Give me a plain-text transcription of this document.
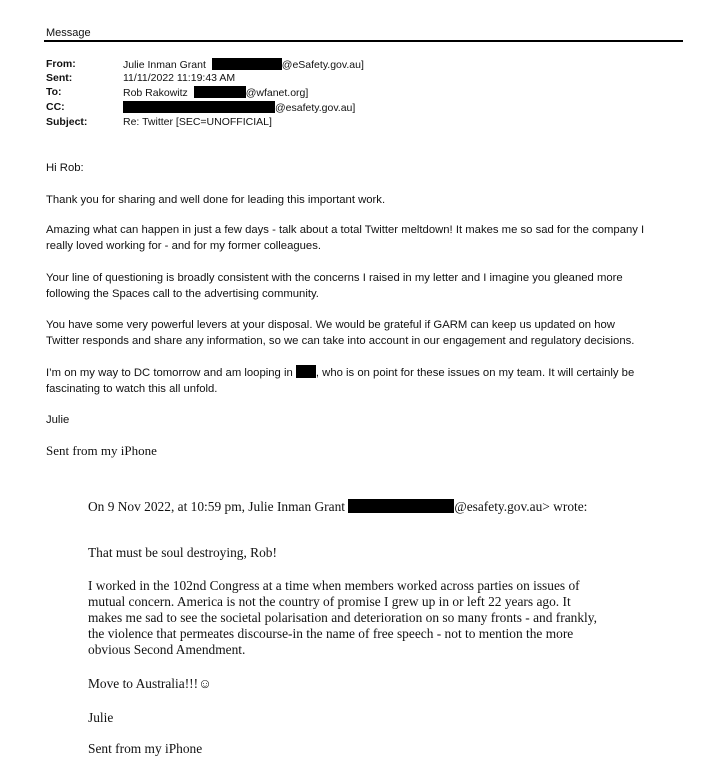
Message
From:	Julie Inman Grant	@eSafety.gov.au]
Sent:	11/11/2022 11:19:43 AM
To:	Rob Rakowitz	@wfanet.org]
CC:	@esafety.gov.au]
Subject:	Re: Twitter [SEC=UNOFFICIAL]
Hi Rob:
Thank you for sharing and well done for leading this important work.
Amazing what can happen in just a few days - talk about a total Twitter meltdown! It makes me so sad for the company I
really loved working for - and for my former colleagues.
Your line of questioning is broadly consistent with the concerns I raised in my letter and I imagine you gleaned more
following the Spaces call to the advertising community.
You have some very powerful levers at your disposal. We would be grateful if GARM can keep us updated on how
Twitter responds and share any information, so we can take into account in our engagement and regulatory decisions.
I’m on my way to DC tomorrow and am looping in , who is on point for these issues on my team. It will certainly be
fascinating to watch this all unfold.
Julie
Sent from my iPhone
On 9 Nov 2022, at 10:59 pm, Julie Inman Grant	@esafety.gov.au> wrote:
That must be soul destroying, Rob!
I worked in the 102nd Congress at a time when members worked across parties on issues of
mutual concern. America is not the country of promise I grew up in or left 22 years ago. It
makes me sad to see the societal polarisation and deterioration on so many fronts - and frankly,
the violence that permeates discourse-in the name of free speech - not to mention the more
obvious Second Amendment.
Move to Australia!!!☺
Julie
Sent from my iPhone
